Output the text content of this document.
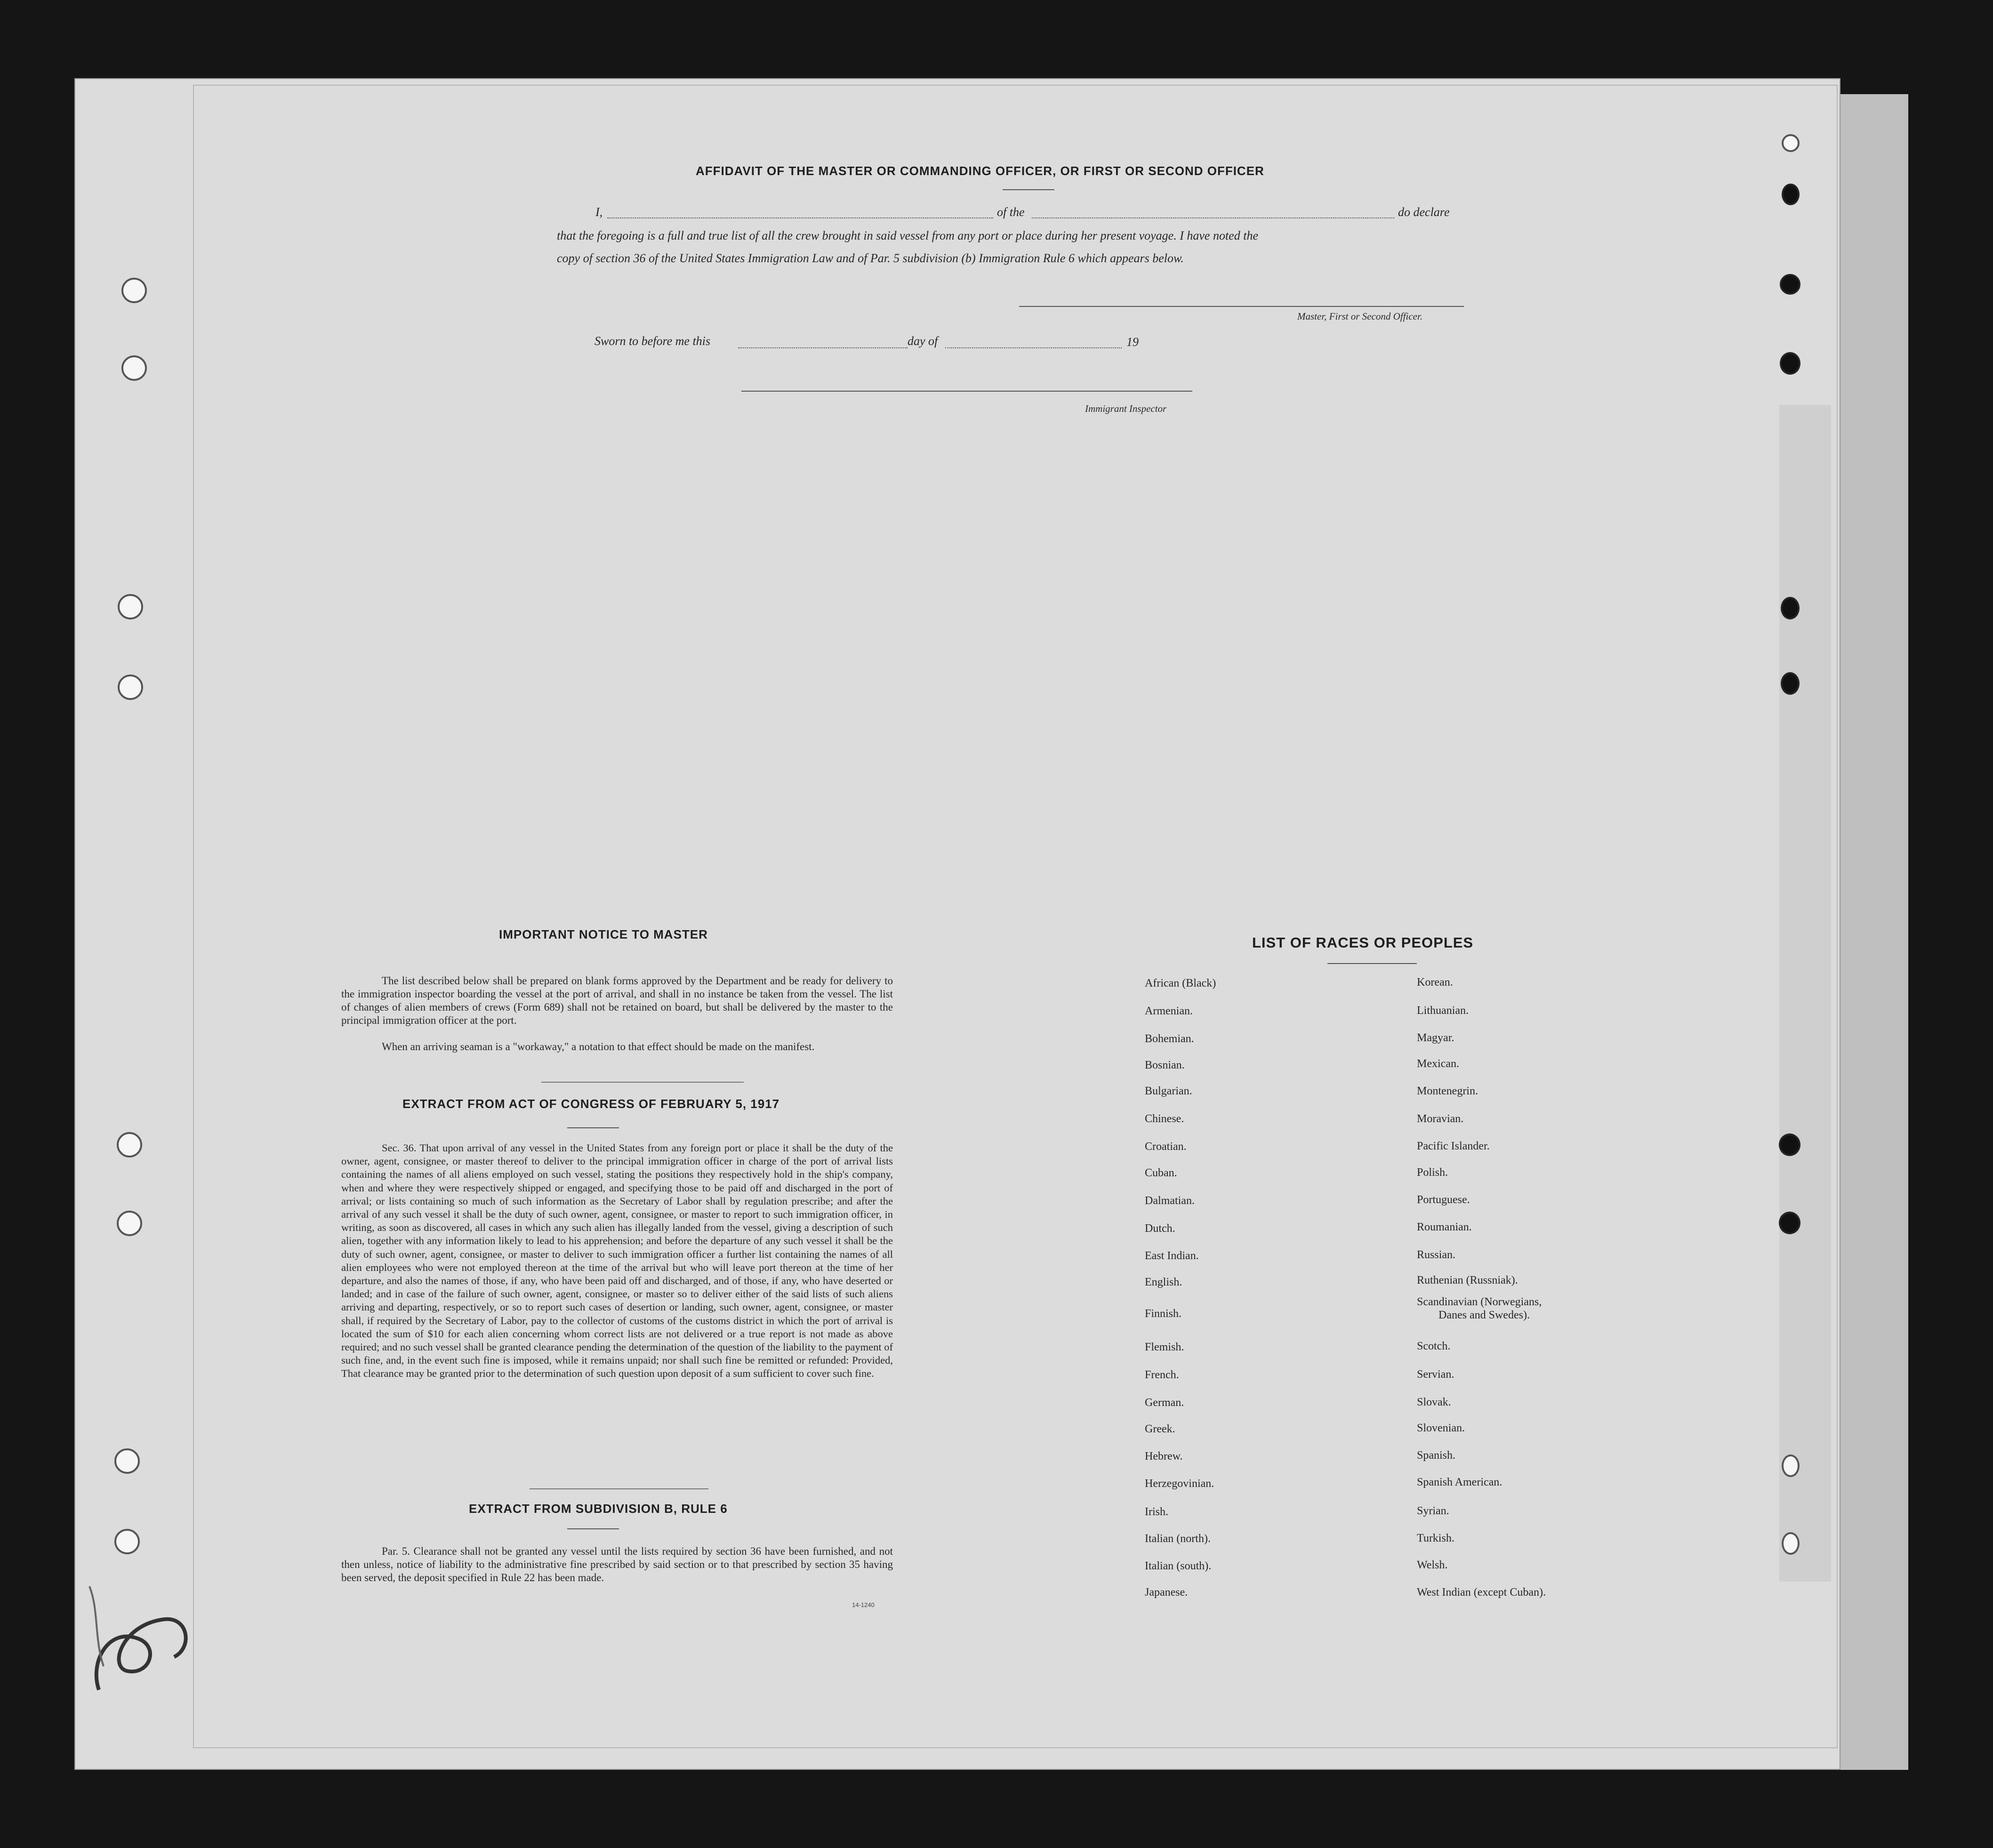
AFFIDAVIT OF THE MASTER OR COMMANDING OFFICER, OR FIRST OR SECOND OFFICER
I,	of the	do declare
that the foregoing is a full and true list of all the crew brought in said vessel from any port or place during her present voyage. I have noted the
copy of section 36 of the United States Immigration Law and of Par. 5 subdivision (b) Immigration Rule 6 which appears below.
Master, First or Second Officer.
Sworn to before me this	day of	19
Immigrant Inspector
IMPORTANT NOTICE TO MASTER
The list described below shall be prepared on blank forms approved by the Department and be ready for delivery to the immigration inspector boarding the vessel at the port of arrival, and shall in no instance be taken from the vessel. The list of changes of alien members of crews (Form 689) shall not be retained on board, but shall be delivered by the master to the principal immigration officer at the port.
When an arriving seaman is a "workaway," a notation to that effect should be made on the manifest.
EXTRACT FROM ACT OF CONGRESS OF FEBRUARY 5, 1917
Sec. 36. That upon arrival of any vessel in the United States from any foreign port or place it shall be the duty of the owner, agent, consignee, or master thereof to deliver to the principal immigration officer in charge of the port of arrival lists containing the names of all aliens employed on such vessel, stating the positions they respectively hold in the ship's company, when and where they were respectively shipped or engaged, and specifying those to be paid off and discharged in the port of arrival; or lists containing so much of such information as the Secretary of Labor shall by regulation prescribe; and after the arrival of any such vessel it shall be the duty of such owner, agent, consignee, or master to report to such immigration officer, in writing, as soon as discovered, all cases in which any such alien has illegally landed from the vessel, giving a description of such alien, together with any information likely to lead to his apprehension; and before the departure of any such vessel it shall be the duty of such owner, agent, consignee, or master to deliver to such immigration officer a further list containing the names of all alien employees who were not employed thereon at the time of the arrival but who will leave port thereon at the time of her departure, and also the names of those, if any, who have been paid off and discharged, and of those, if any, who have deserted or landed; and in case of the failure of such owner, agent, consignee, or master so to deliver either of the said lists of such aliens arriving and departing, respectively, or so to report such cases of desertion or landing, such owner, agent, consignee, or master shall, if required by the Secretary of Labor, pay to the collector of customs of the customs district in which the port of arrival is located the sum of $10 for each alien concerning whom correct lists are not delivered or a true report is not made as above required; and no such vessel shall be granted clearance pending the determination of the question of the liability to the payment of such fine, and, in the event such fine is imposed, while it remains unpaid; nor shall such fine be remitted or refunded: Provided, That clearance may be granted prior to the determination of such question upon deposit of a sum sufficient to cover such fine.
EXTRACT FROM SUBDIVISION B, RULE 6
Par. 5. Clearance shall not be granted any vessel until the lists required by section 36 have been furnished, and not then unless, notice of liability to the administrative fine prescribed by said section or to that prescribed by section 35 having been served, the deposit specified in Rule 22 has been made.
14-1240
LIST OF RACES OR PEOPLES
African (Black)
Armenian.
Bohemian.
Bosnian.
Bulgarian.
Chinese.
Croatian.
Cuban.
Dalmatian.
Dutch.
East Indian.
English.
Finnish.
Flemish.
French.
German.
Greek.
Hebrew.
Herzegovinian.
Irish.
Italian (north).
Italian (south).
Japanese.
Korean.
Lithuanian.
Magyar.
Mexican.
Montenegrin.
Moravian.
Pacific Islander.
Polish.
Portuguese.
Roumanian.
Russian.
Ruthenian (Russniak).
Scandinavian (Norwegians,
Danes and Swedes).
Scotch.
Servian.
Slovak.
Slovenian.
Spanish.
Spanish American.
Syrian.
Turkish.
Welsh.
West Indian (except Cuban).
